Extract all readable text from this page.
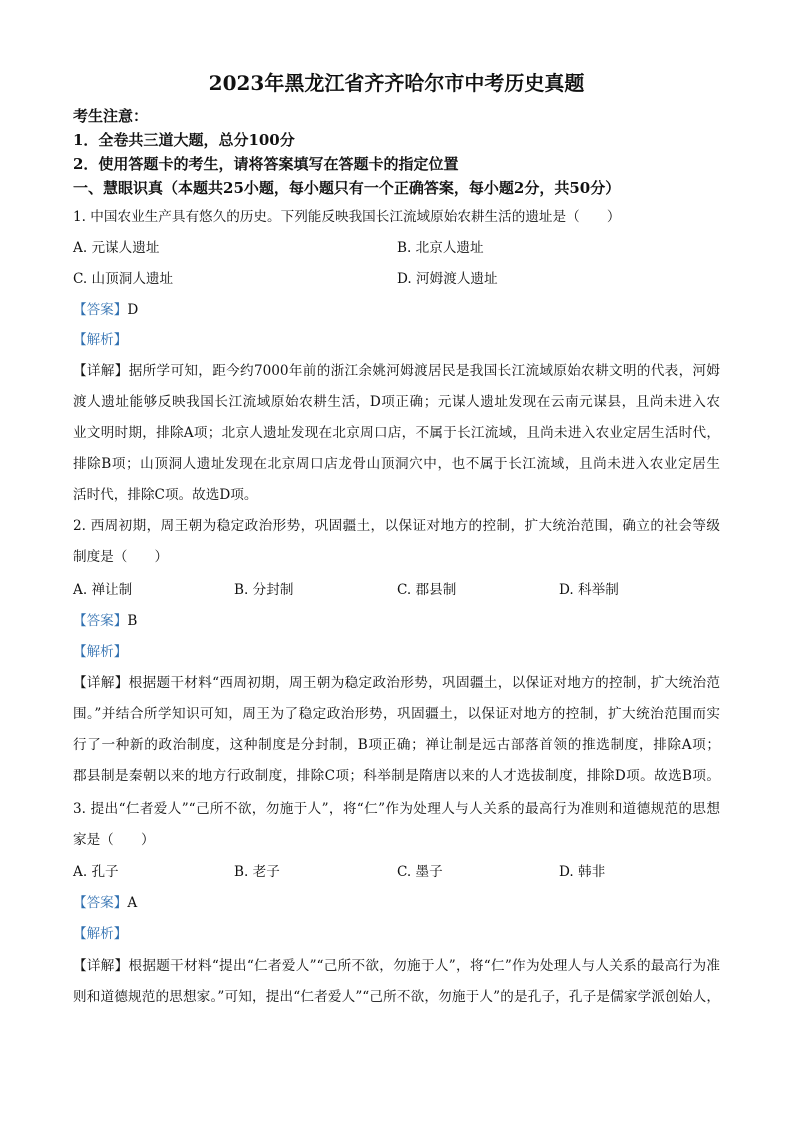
2023年黑龙江省齐齐哈尔市中考历史真题
考生注意：
1．全卷共三道大题，总分100分
2．使用答题卡的考生，请将答案填写在答题卡的指定位置
一、慧眼识真（本题共25小题，每小题只有一个正确答案，每小题2分，共50分）
1. 中国农业生产具有悠久的历史。下列能反映我国长江流域原始农耕生活的遗址是（　　）
A. 元谋人遗址	B. 北京人遗址
C. 山顶洞人遗址	D. 河姆渡人遗址
【答案】D
【解析】
【详解】据所学可知，距今约7000年前的浙江余姚河姆渡居民是我国长江流域原始农耕文明的代表，河姆
渡人遗址能够反映我国长江流域原始农耕生活，D项正确；元谋人遗址发现在云南元谋县，且尚未进入农
业文明时期，排除A项；北京人遗址发现在北京周口店，不属于长江流域，且尚未进入农业定居生活时代，
排除B项；山顶洞人遗址发现在北京周口店龙骨山顶洞穴中，也不属于长江流域，且尚未进入农业定居生
活时代，排除C项。故选D项。
2. 西周初期，周王朝为稳定政治形势，巩固疆土，以保证对地方的控制，扩大统治范围，确立的社会等级
制度是（　　）
A. 禅让制	B. 分封制	C. 郡县制	D. 科举制
【答案】B
【解析】
【详解】根据题干材料“西周初期，周王朝为稳定政治形势，巩固疆土，以保证对地方的控制，扩大统治范
围。”并结合所学知识可知，周王为了稳定政治形势，巩固疆土，以保证对地方的控制，扩大统治范围而实
行了一种新的政治制度，这种制度是分封制，B项正确；禅让制是远古部落首领的推选制度，排除A项；
郡县制是秦朝以来的地方行政制度，排除C项；科举制是隋唐以来的人才选拔制度，排除D项。故选B项。
3. 提出“仁者爱人”“己所不欲，勿施于人”，将“仁”作为处理人与人关系的最高行为准则和道德规范的思想
家是（　　）
A. 孔子	B. 老子	C. 墨子	D. 韩非
【答案】A
【解析】
【详解】根据题干材料“提出“仁者爱人”“己所不欲，勿施于人”，将“仁”作为处理人与人关系的最高行为准
则和道德规范的思想家。”可知，提出“仁者爱人”“己所不欲，勿施于人”的是孔子，孔子是儒家学派创始人，
